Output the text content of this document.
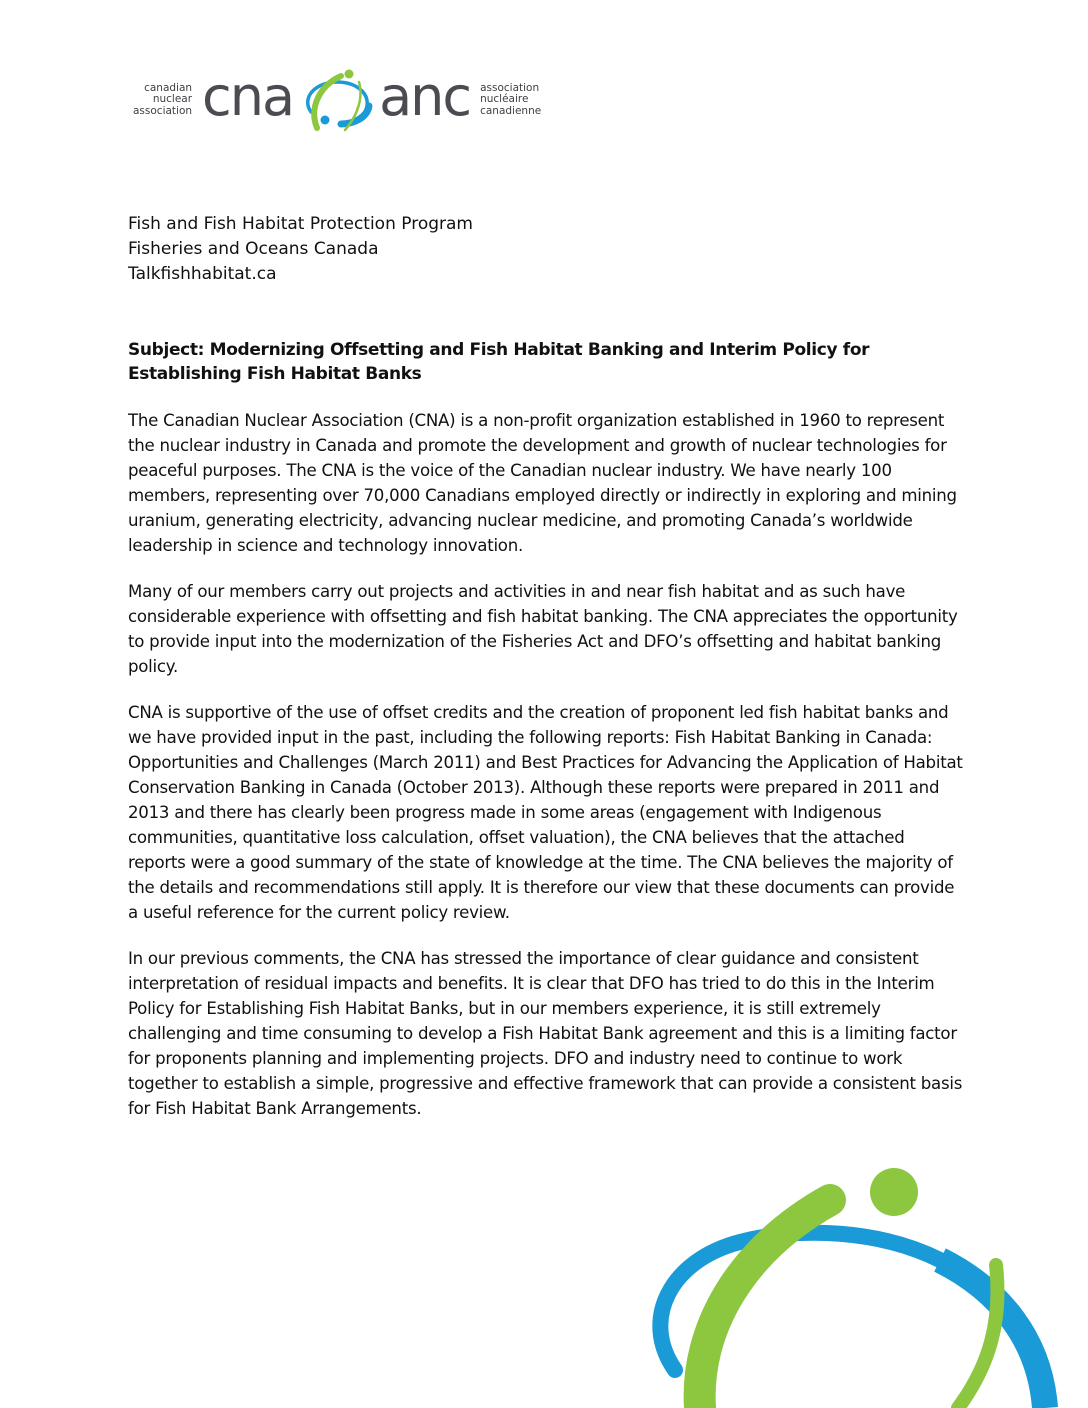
canadian
nuclear
association cna anc association
nucléaire
canadienne
Fish and Fish Habitat Protection Program
Fisheries and Oceans Canada
Talkfishhabitat.ca
Subject: Modernizing Offsetting and Fish Habitat Banking and Interim Policy for Establishing Fish Habitat Banks

The Canadian Nuclear Association (CNA) is a non-profit organization established in 1960 to represent the nuclear industry in Canada and promote the development and growth of nuclear technologies for peaceful purposes. The CNA is the voice of the Canadian nuclear industry. We have nearly 100 members, representing over 70,000 Canadians employed directly or indirectly in exploring and mining uranium, generating electricity, advancing nuclear medicine, and promoting Canada’s worldwide leadership in science and technology innovation.

Many of our members carry out projects and activities in and near fish habitat and as such have considerable experience with offsetting and fish habitat banking. The CNA appreciates the opportunity to provide input into the modernization of the Fisheries Act and DFO’s offsetting and habitat banking policy.

CNA is supportive of the use of offset credits and the creation of proponent led fish habitat banks and we have provided input in the past, including the following reports: Fish Habitat Banking in Canada: Opportunities and Challenges (March 2011) and Best Practices for Advancing the Application of Habitat Conservation Banking in Canada (October 2013). Although these reports were prepared in 2011 and 2013 and there has clearly been progress made in some areas (engagement with Indigenous communities, quantitative loss calculation, offset valuation), the CNA believes that the attached reports were a good summary of the state of knowledge at the time. The CNA believes the majority of the details and recommendations still apply. It is therefore our view that these documents can provide a useful reference for the current policy review.

In our previous comments, the CNA has stressed the importance of clear guidance and consistent interpretation of residual impacts and benefits. It is clear that DFO has tried to do this in the Interim Policy for Establishing Fish Habitat Banks, but in our members experience, it is still extremely challenging and time consuming to develop a Fish Habitat Bank agreement and this is a limiting factor for proponents planning and implementing projects. DFO and industry need to continue to work together to establish a simple, progressive and effective framework that can provide a consistent basis for Fish Habitat Bank Arrangements.
